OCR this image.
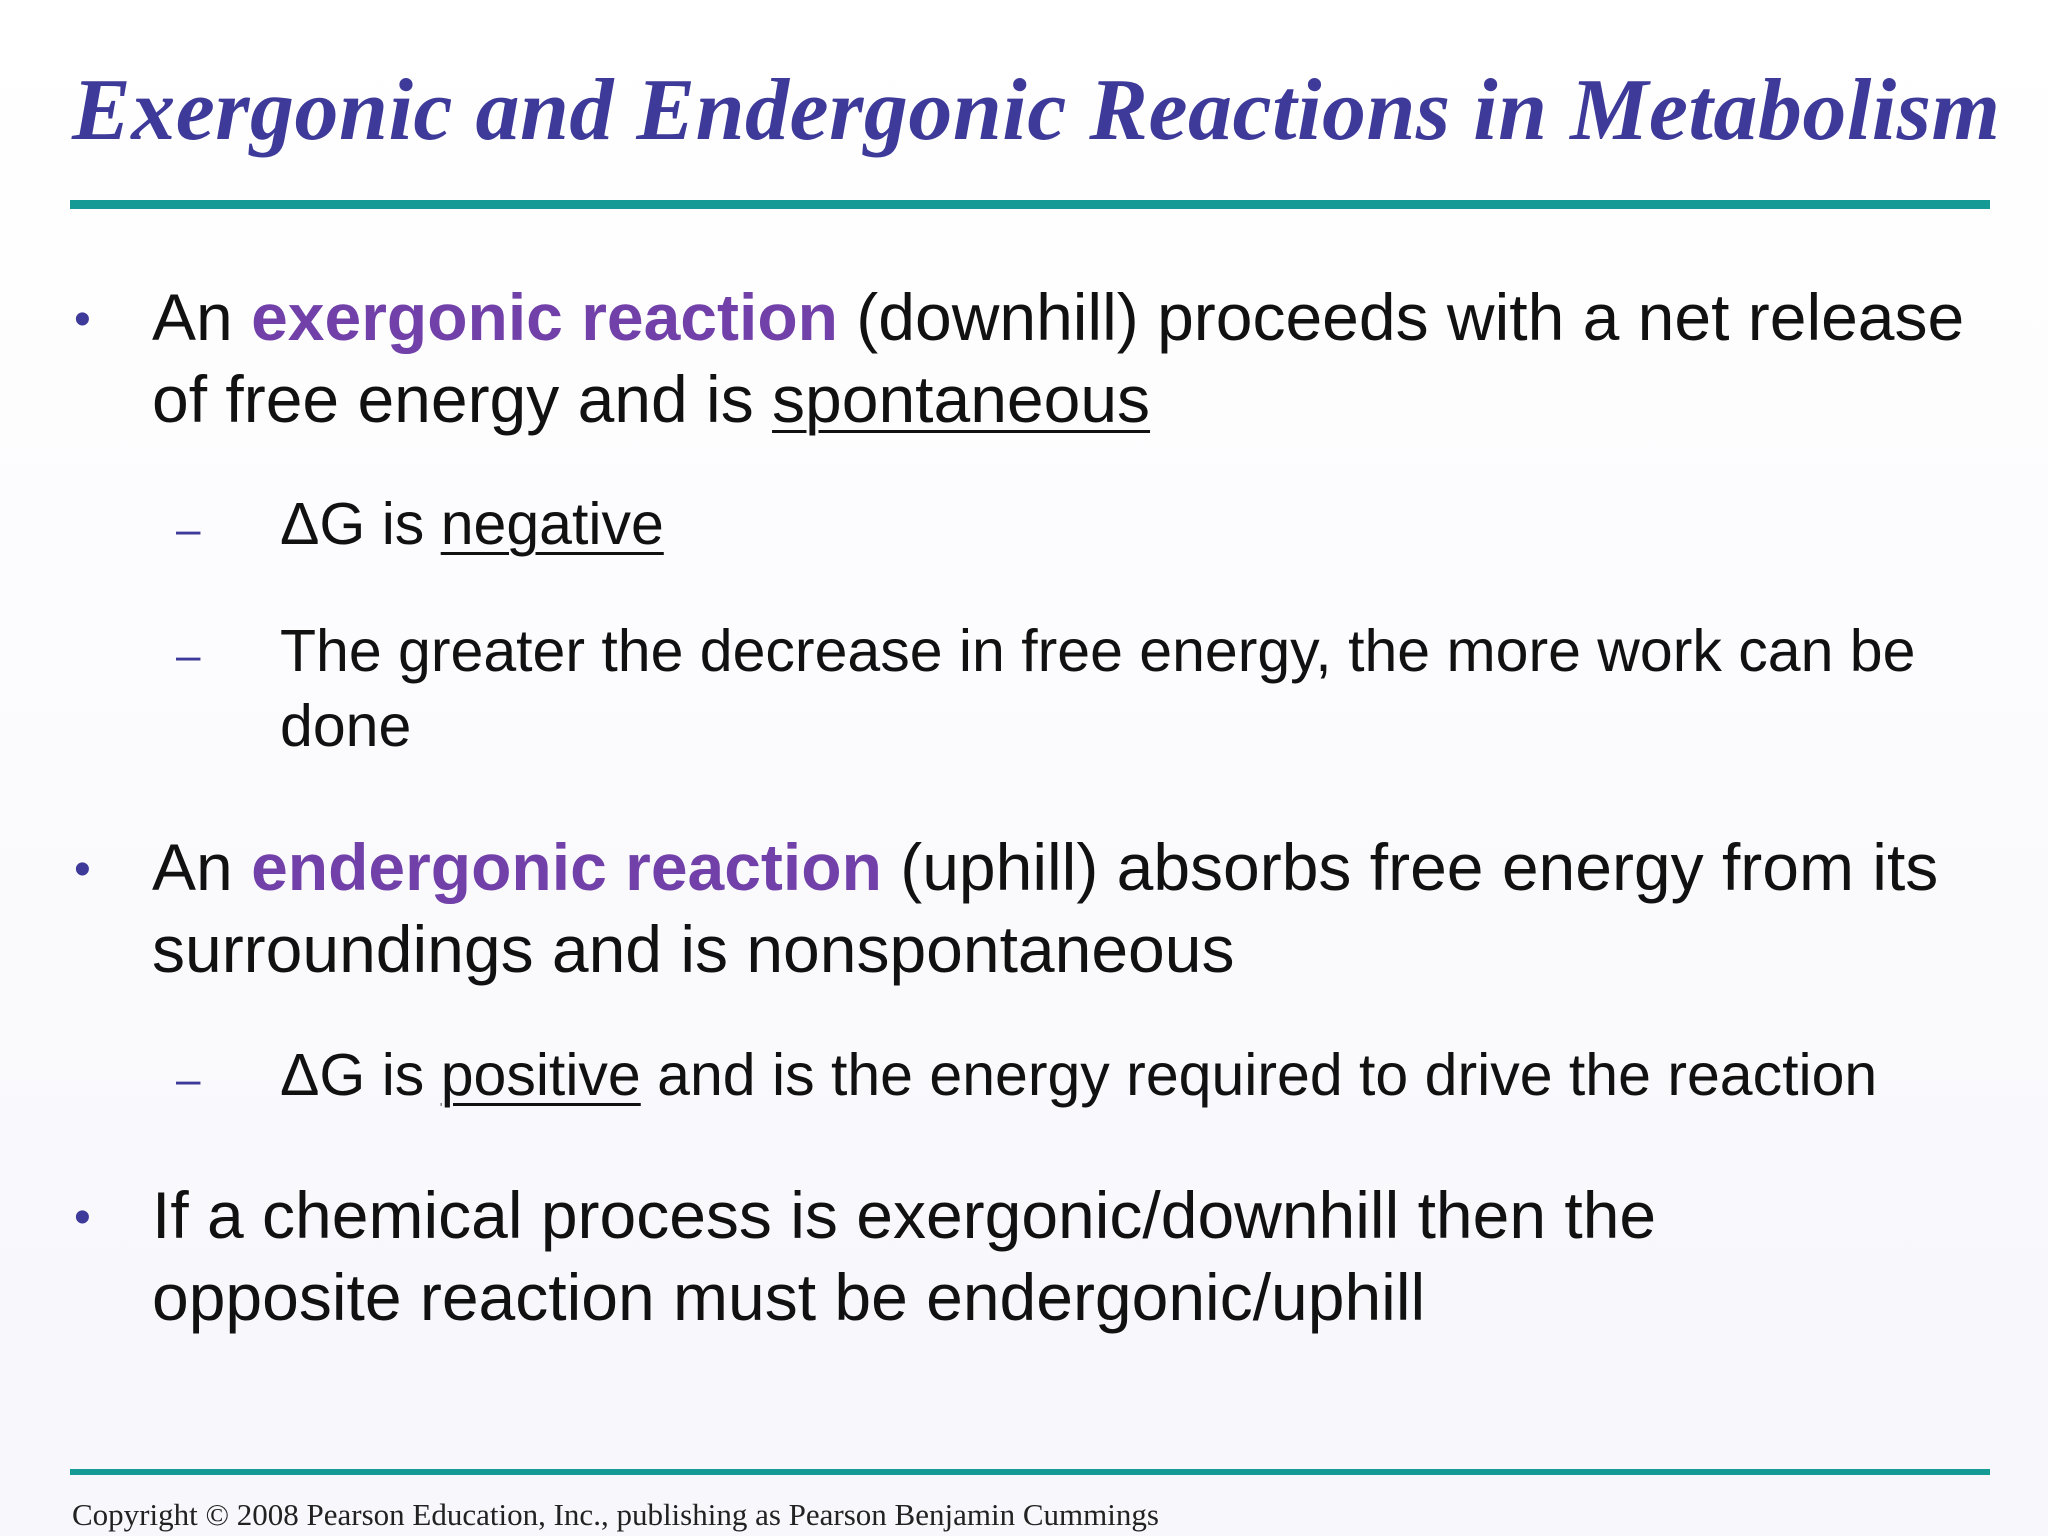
Exergonic and Endergonic Reactions in Metabolism
• An exergonic reaction (downhill) proceeds with a net release of free energy and is spontaneous
– ΔG is negative
– The greater the decrease in free energy, the more work can be done
• An endergonic reaction (uphill) absorbs free energy from its surroundings and is nonspontaneous
– ΔG is positive and is the energy required to drive the reaction
• If a chemical process is exergonic/downhill then the opposite reaction must be endergonic/uphill
Copyright © 2008 Pearson Education, Inc., publishing as Pearson Benjamin Cummings
